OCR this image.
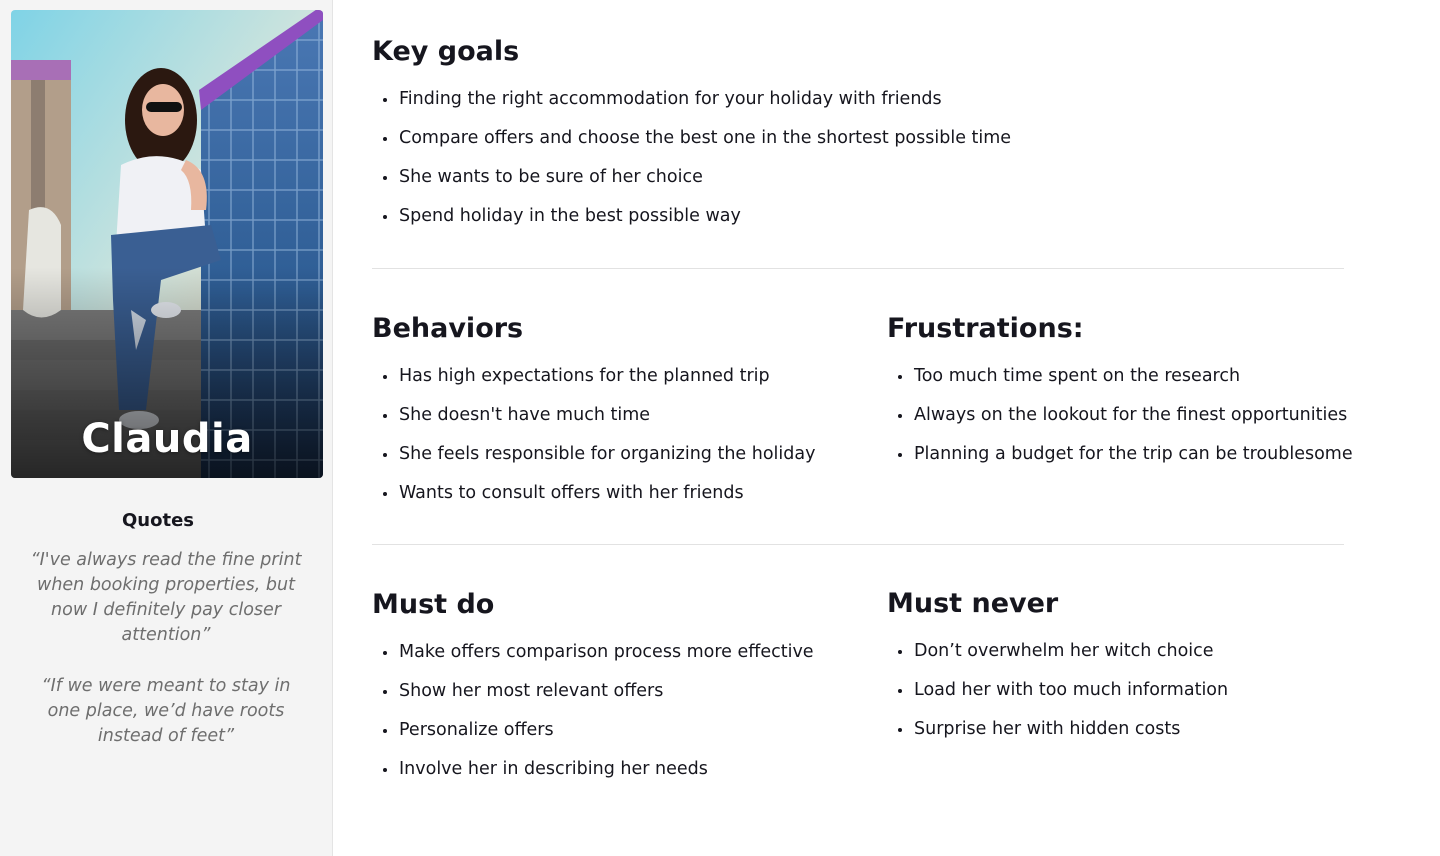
Claudia
Quotes
“I've always read the fine print when booking properties, but now I definitely pay closer attention”
“If we were meant to stay in one place, we’d have roots instead of feet”
Key goals
Finding the right accommodation for your holiday with friends
Compare offers and choose the best one in the shortest possible time
She wants to be sure of her choice
Spend holiday in the best possible way
Behaviors
Has high expectations for the planned trip
She doesn't have much time
She feels responsible for organizing the holiday
Wants to consult offers with her friends
Frustrations:
Too much time spent on the research
Always on the lookout for the finest opportunities
Planning a budget for the trip can be troublesome
Must do
Make offers comparison process more effective
Show her most relevant offers
Personalize offers
Involve her in describing her needs
Must never
Don’t overwhelm her witch choice
Load her with too much information
Surprise her with hidden costs
